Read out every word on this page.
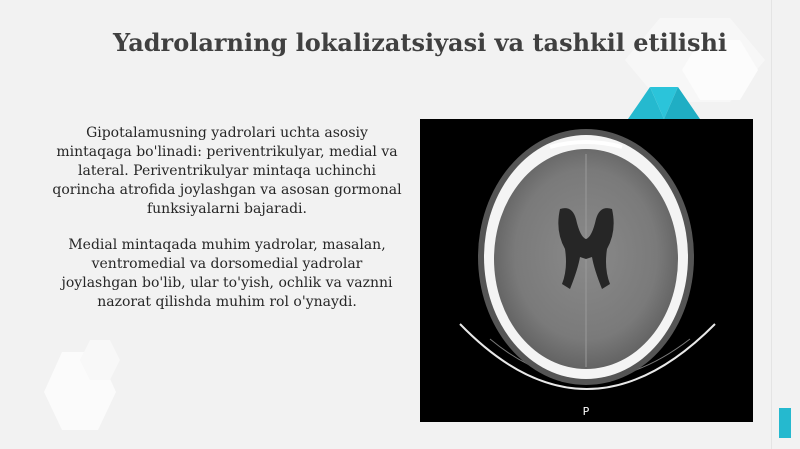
Yadrolarning lokalizatsiyasi va tashkil etilishi

Gipotalamusning yadrolari uchta asosiy mintaqaga bo'linadi: periventrikulyar, medial va lateral. Periventrikulyar mintaqa uchinchi qorincha atrofida joylashgan va asosan gormonal funksiyalarni bajaradi.

Medial mintaqada muhim yadrolar, masalan, ventromedial va dorsomedial yadrolar joylashgan bo'lib, ular to'yish, ochlik va vaznni nazorat qilishda muhim rol o'ynaydi.

P
